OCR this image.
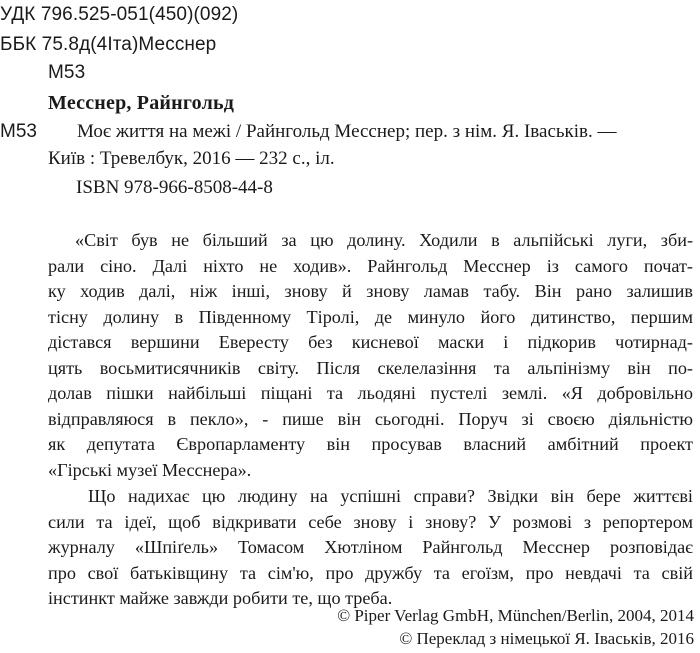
УДК 796.525-051(450)(092)

ББК 75.8д(4Іта)Месснер

М53

Месснер, Райнгольд

М53 Моє життя на межі / Райнгольд Месснер; пер. з нім. Я. Іваськів. —

Київ : Тревелбук, 2016 — 232 с., іл.

ISBN 978-966-8508-44-8

«Світ був не більший за цю долину. Ходили в альпійські луги, зби-

рали сіно. Далі ніхто не ходив». Райнгольд Месснер із самого почат-

ку ходив далі, ніж інші, знову й знову ламав табу. Він рано залишив

тісну долину в Південному Тіролі, де минуло його дитинство, першим

дістався вершини Евересту без кисневої маски і підкорив чотирнад-

цять восьмитисячників світу. Після скелелазіння та альпінізму він по-

долав пішки найбільші піщані та льодяні пустелі землі. «Я добровільно

відправляюся в пекло», - пише він сьогодні. Поруч зі своєю діяльністю

як депутата Європарламенту він просував власний амбітний проект

«Гірські музеї Месснера».

Що надихає цю людину на успішні справи? Звідки він бере життєві

сили та ідеї, щоб відкривати себе знову і знову? У розмові з репортером

журналу «Шпіґель» Томасом Хютліном Райнгольд Месснер розповідає

про свої батьківщину та сім'ю, про дружбу та егоїзм, про невдачі та свій

інстинкт майже завжди робити те, що треба.

© Piper Verlag GmbH, München/Berlin, 2004, 2014

© Переклад з німецької Я. Іваськів, 2016
